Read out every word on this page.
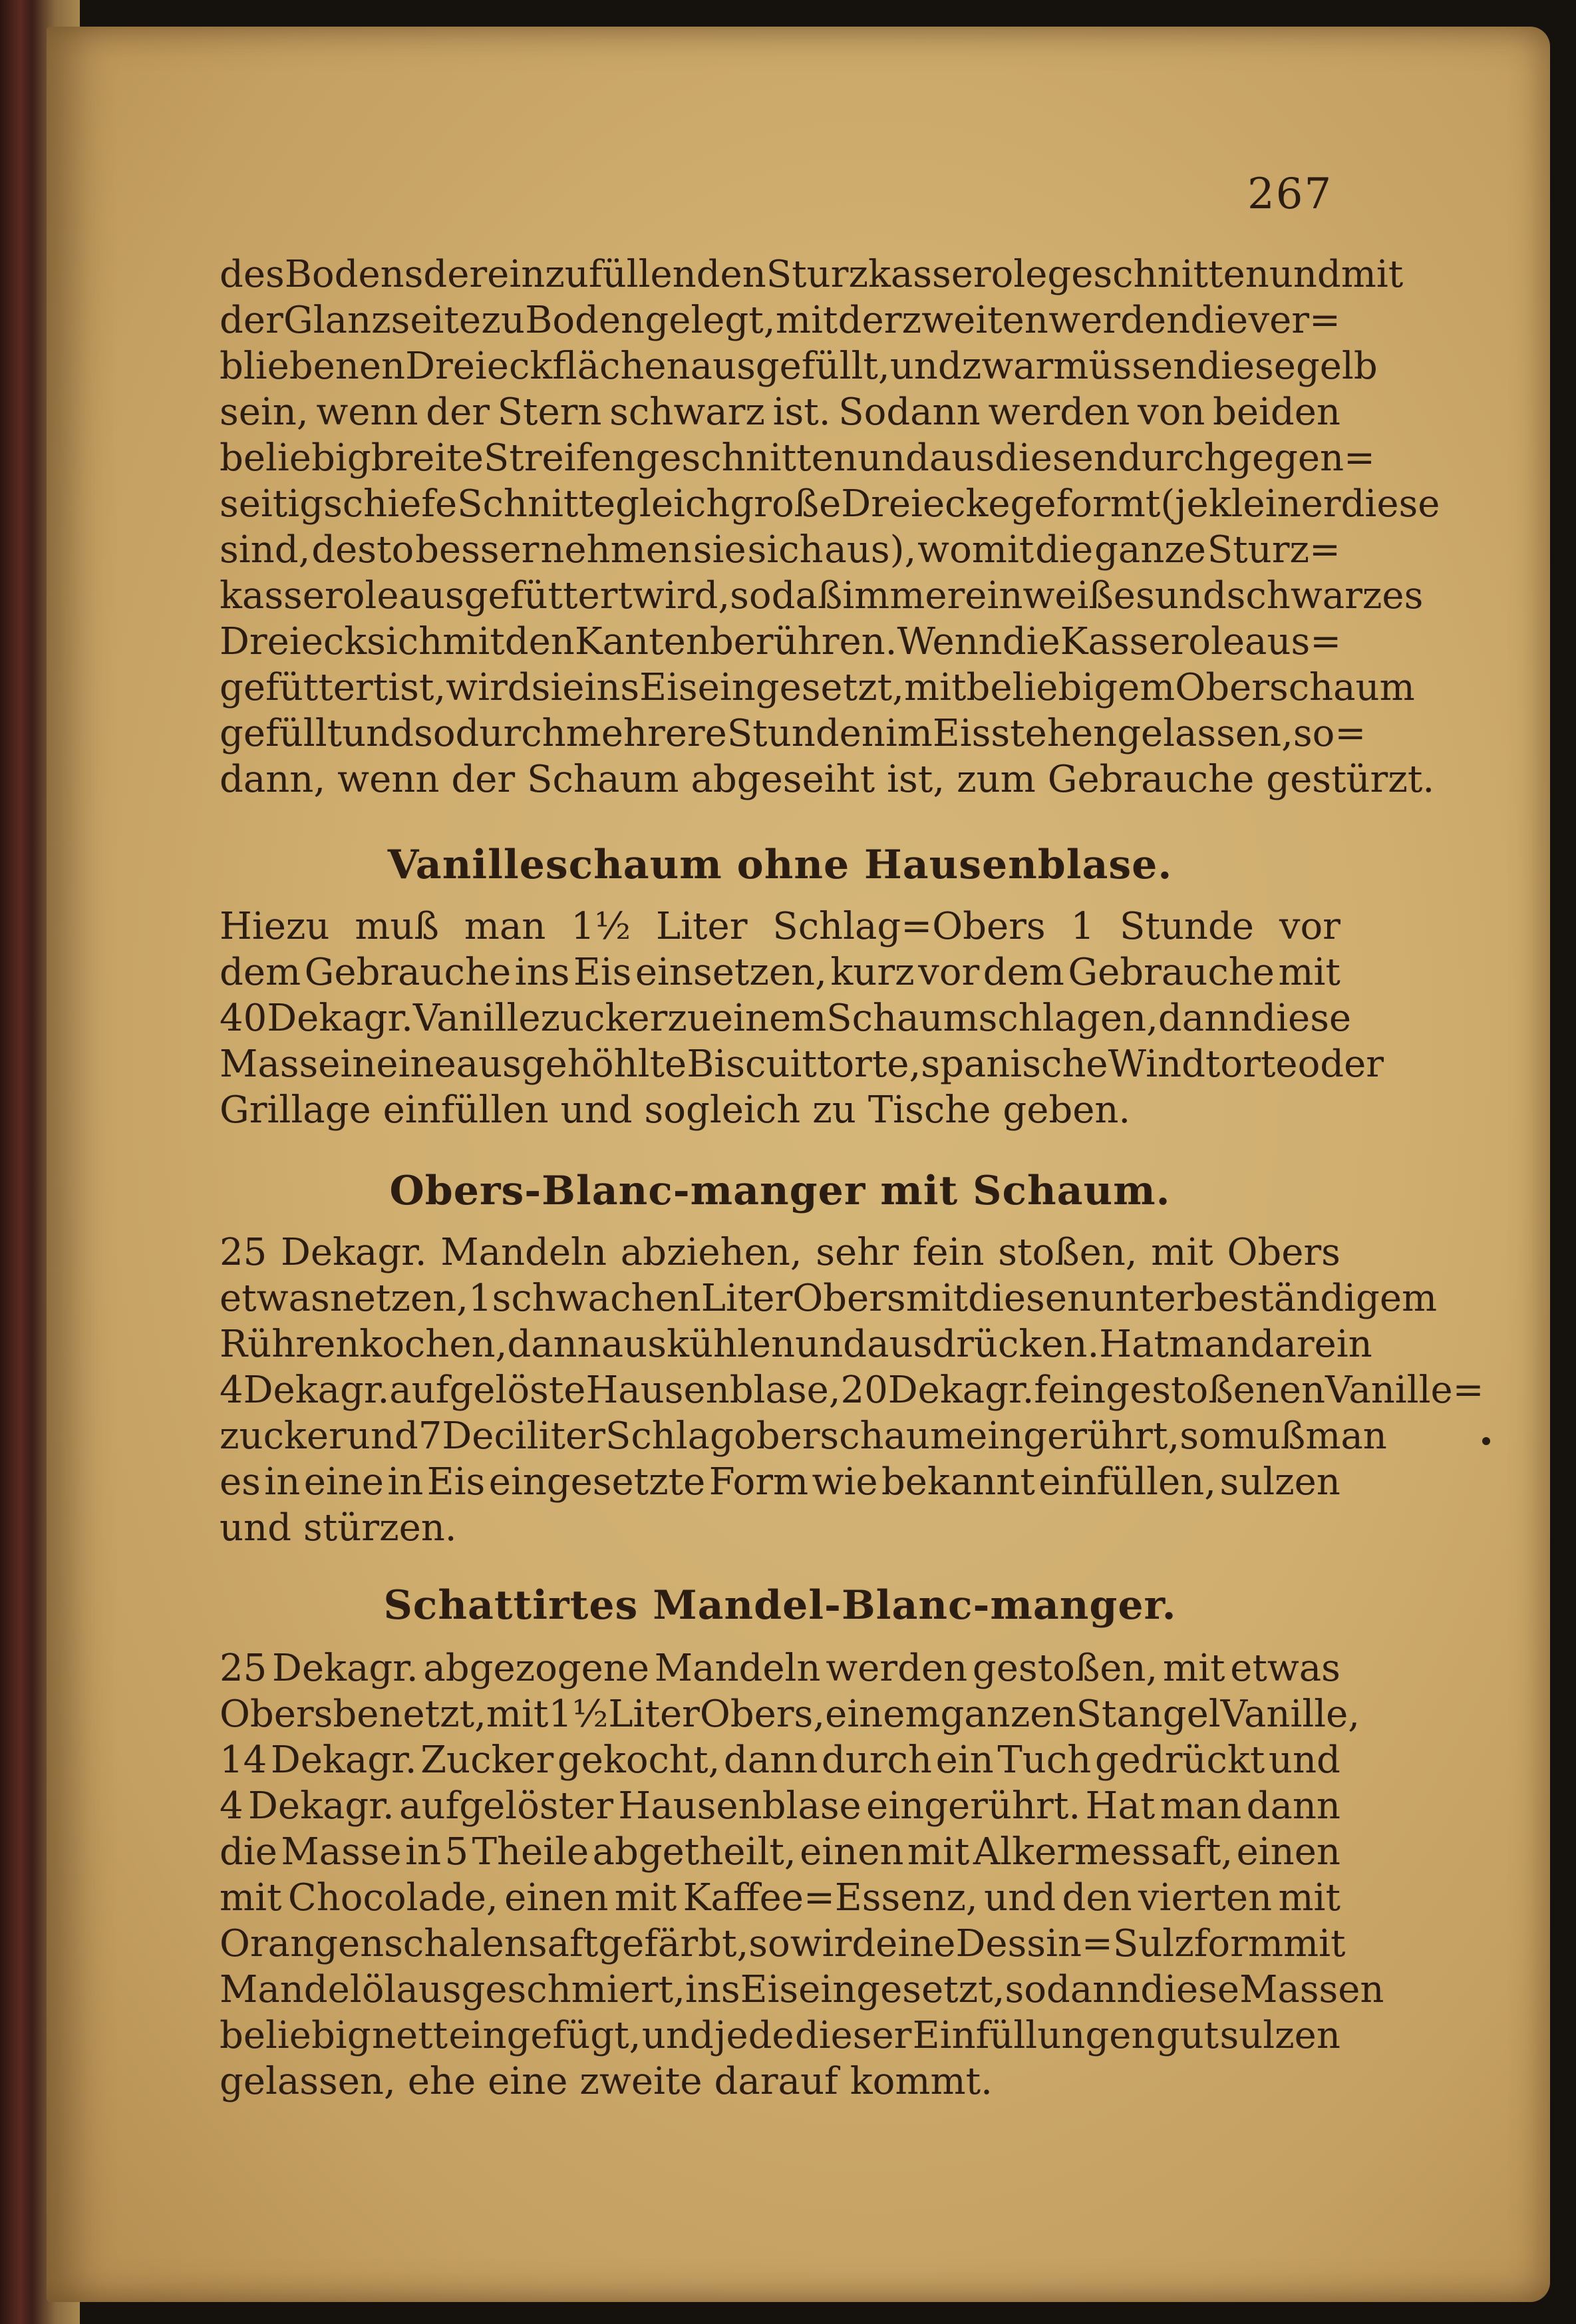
267
des Bodens der einzufüllenden Sturzkasserole geschnitten und mit
der Glanzseite zu Boden gelegt, mit der zweiten werden die ver=
bliebenen Dreieckflächen ausgefüllt, und zwar müssen diese gelb
sein, wenn der Stern schwarz ist. Sodann werden von beiden
beliebig breite Streifen geschnitten und aus diesen durch gegen=
seitig schiefe Schnitte gleich große Dreiecke geformt (je kleiner diese
sind, desto besser nehmen sie sich aus), womit die ganze Sturz=
kasserole ausgefüttert wird, so daß immer ein weißes und schwarzes
Dreieck sich mit den Kanten berühren. Wenn die Kasserole aus=
gefüttert ist, wird sie ins Eis eingesetzt, mit beliebigem Oberschaum
gefüllt und so durch mehrere Stunden im Eis stehen gelassen, so=
dann, wenn der Schaum abgeseiht ist, zum Gebrauche gestürzt.
Vanilleschaum ohne Hausenblase.
Hiezu muß man 1½ Liter Schlag=Obers 1 Stunde vor
dem Gebrauche ins Eis einsetzen, kurz vor dem Gebrauche mit
40 Dekagr. Vanillezucker zu einem Schaum schlagen, dann diese
Masse in eine ausgehöhlte Biscuittorte, spanische Windtorte oder
Grillage einfüllen und sogleich zu Tische geben.
Obers-Blanc-manger mit Schaum.
25 Dekagr. Mandeln abziehen, sehr fein stoßen, mit Obers
etwas netzen, 1 schwachen Liter Obers mit diesen unter beständigem
Rühren kochen, dann auskühlen und ausdrücken. Hat man darein
4 Dekagr. aufgelöste Hausenblase, 20 Dekagr. feingestoßenen Vanille=
zucker und 7 Deciliter Schlagoberschaum eingerührt, so muß man
es in eine in Eis eingesetzte Form wie bekannt einfüllen, sulzen
und stürzen.
Schattirtes Mandel-Blanc-manger.
25 Dekagr. abgezogene Mandeln werden gestoßen, mit etwas
Obers benetzt, mit 1½ Liter Obers, einem ganzen Stangel Vanille,
14 Dekagr. Zucker gekocht, dann durch ein Tuch gedrückt und
4 Dekagr. aufgelöster Hausenblase eingerührt. Hat man dann
die Masse in 5 Theile abgetheilt, einen mit Alkermessaft, einen
mit Chocolade, einen mit Kaffee=Essenz, und den vierten mit
Orangenschalensaft gefärbt, so wird eine Dessin=Sulzform mit
Mandelöl ausgeschmiert, ins Eis eingesetzt, sodann diese Massen
beliebig nett eingefügt, und jede dieser Einfüllungen gut sulzen
gelassen, ehe eine zweite darauf kommt.
